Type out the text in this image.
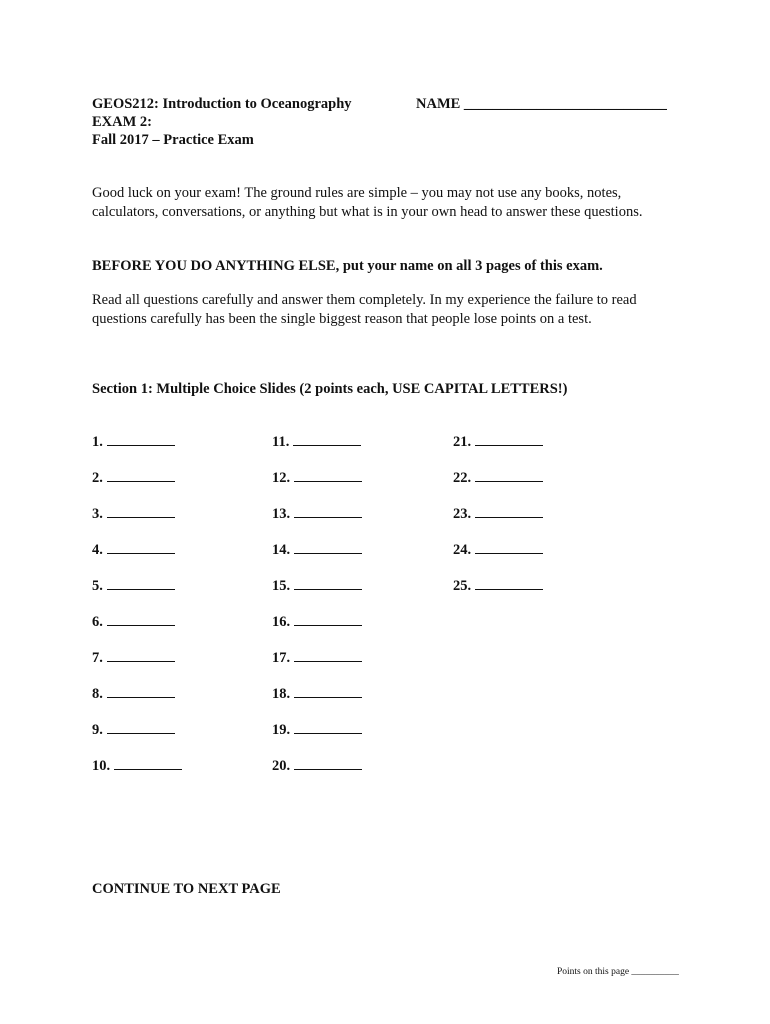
GEOS212: Introduction to Oceanography
EXAM 2:
Fall 2017 – Practice Exam
NAME ____________________________
Good luck on your exam! The ground rules are simple – you may not use any books, notes,
calculators, conversations, or anything but what is in your own head to answer these questions.
BEFORE YOU DO ANYTHING ELSE, put your name on all 3 pages of this exam.
Read all questions carefully and answer them completely. In my experience the failure to read
questions carefully has been the single biggest reason that people lose points on a test.
Section 1: Multiple Choice Slides (2 points each, USE CAPITAL LETTERS!)
1.
2.
3.
4.
5.
6.
7.
8.
9.
10.
11.
12.
13.
14.
15.
16.
17.
18.
19.
20.
21.
22.
23.
24.
25.
CONTINUE TO NEXT PAGE
Points on this page __________
